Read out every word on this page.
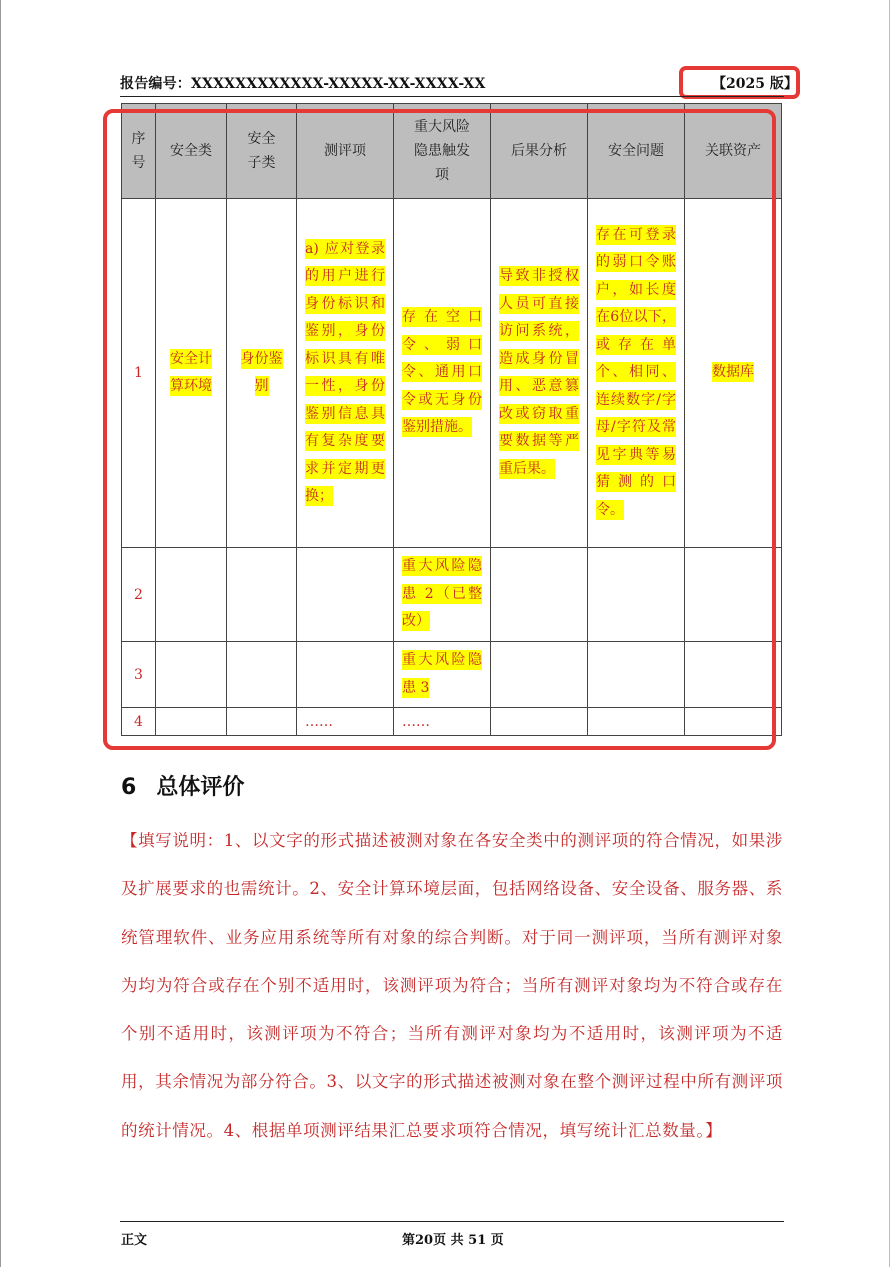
报告编号：XXXXXXXXXXXX-XXXXX-XX-XXXX-XX	【2025 版】
序号	安全类	安全子类	测评项	重大风险隐患触发项	后果分析	安全问题	关联资产

1	安全计算环境	身份鉴别	a) 应对登录的用户进行身份标识和鉴别，身份标识具有唯一性，身份鉴别信息具有复杂度要求并定期更换；	存在空口令、弱口令、通用口令或无身份鉴别措施。	导致非授权人员可直接访问系统，造成身份冒用、恶意篡改或窃取重要数据等严重后果。	存在可登录的弱口令账户，如长度在6位以下，或存在单个、相同、连续数字/字母/字符及常见字典等易猜测的口令。	数据库

2				重大风险隐患 2（已整改）			

3				重大风险隐患 3			

4			……	……			

6 总体评价
【填写说明：1、以文字的形式描述被测对象在各安全类中的测评项的符合情况，如果涉及扩展要求的也需统计。2、安全计算环境层面，包括网络设备、安全设备、服务器、系统管理软件、业务应用系统等所有对象的综合判断。对于同一测评项，当所有测评对象为均为符合或存在个别不适用时，该测评项为符合；当所有测评对象均为不符合或存在个别不适用时，该测评项为不符合；当所有测评对象均为不适用时，该测评项为不适用，其余情况为部分符合。3、以文字的形式描述被测对象在整个测评过程中所有测评项的统计情况。4、根据单项测评结果汇总要求项符合情况，填写统计汇总数量。】
正文	第20页 共 51 页
